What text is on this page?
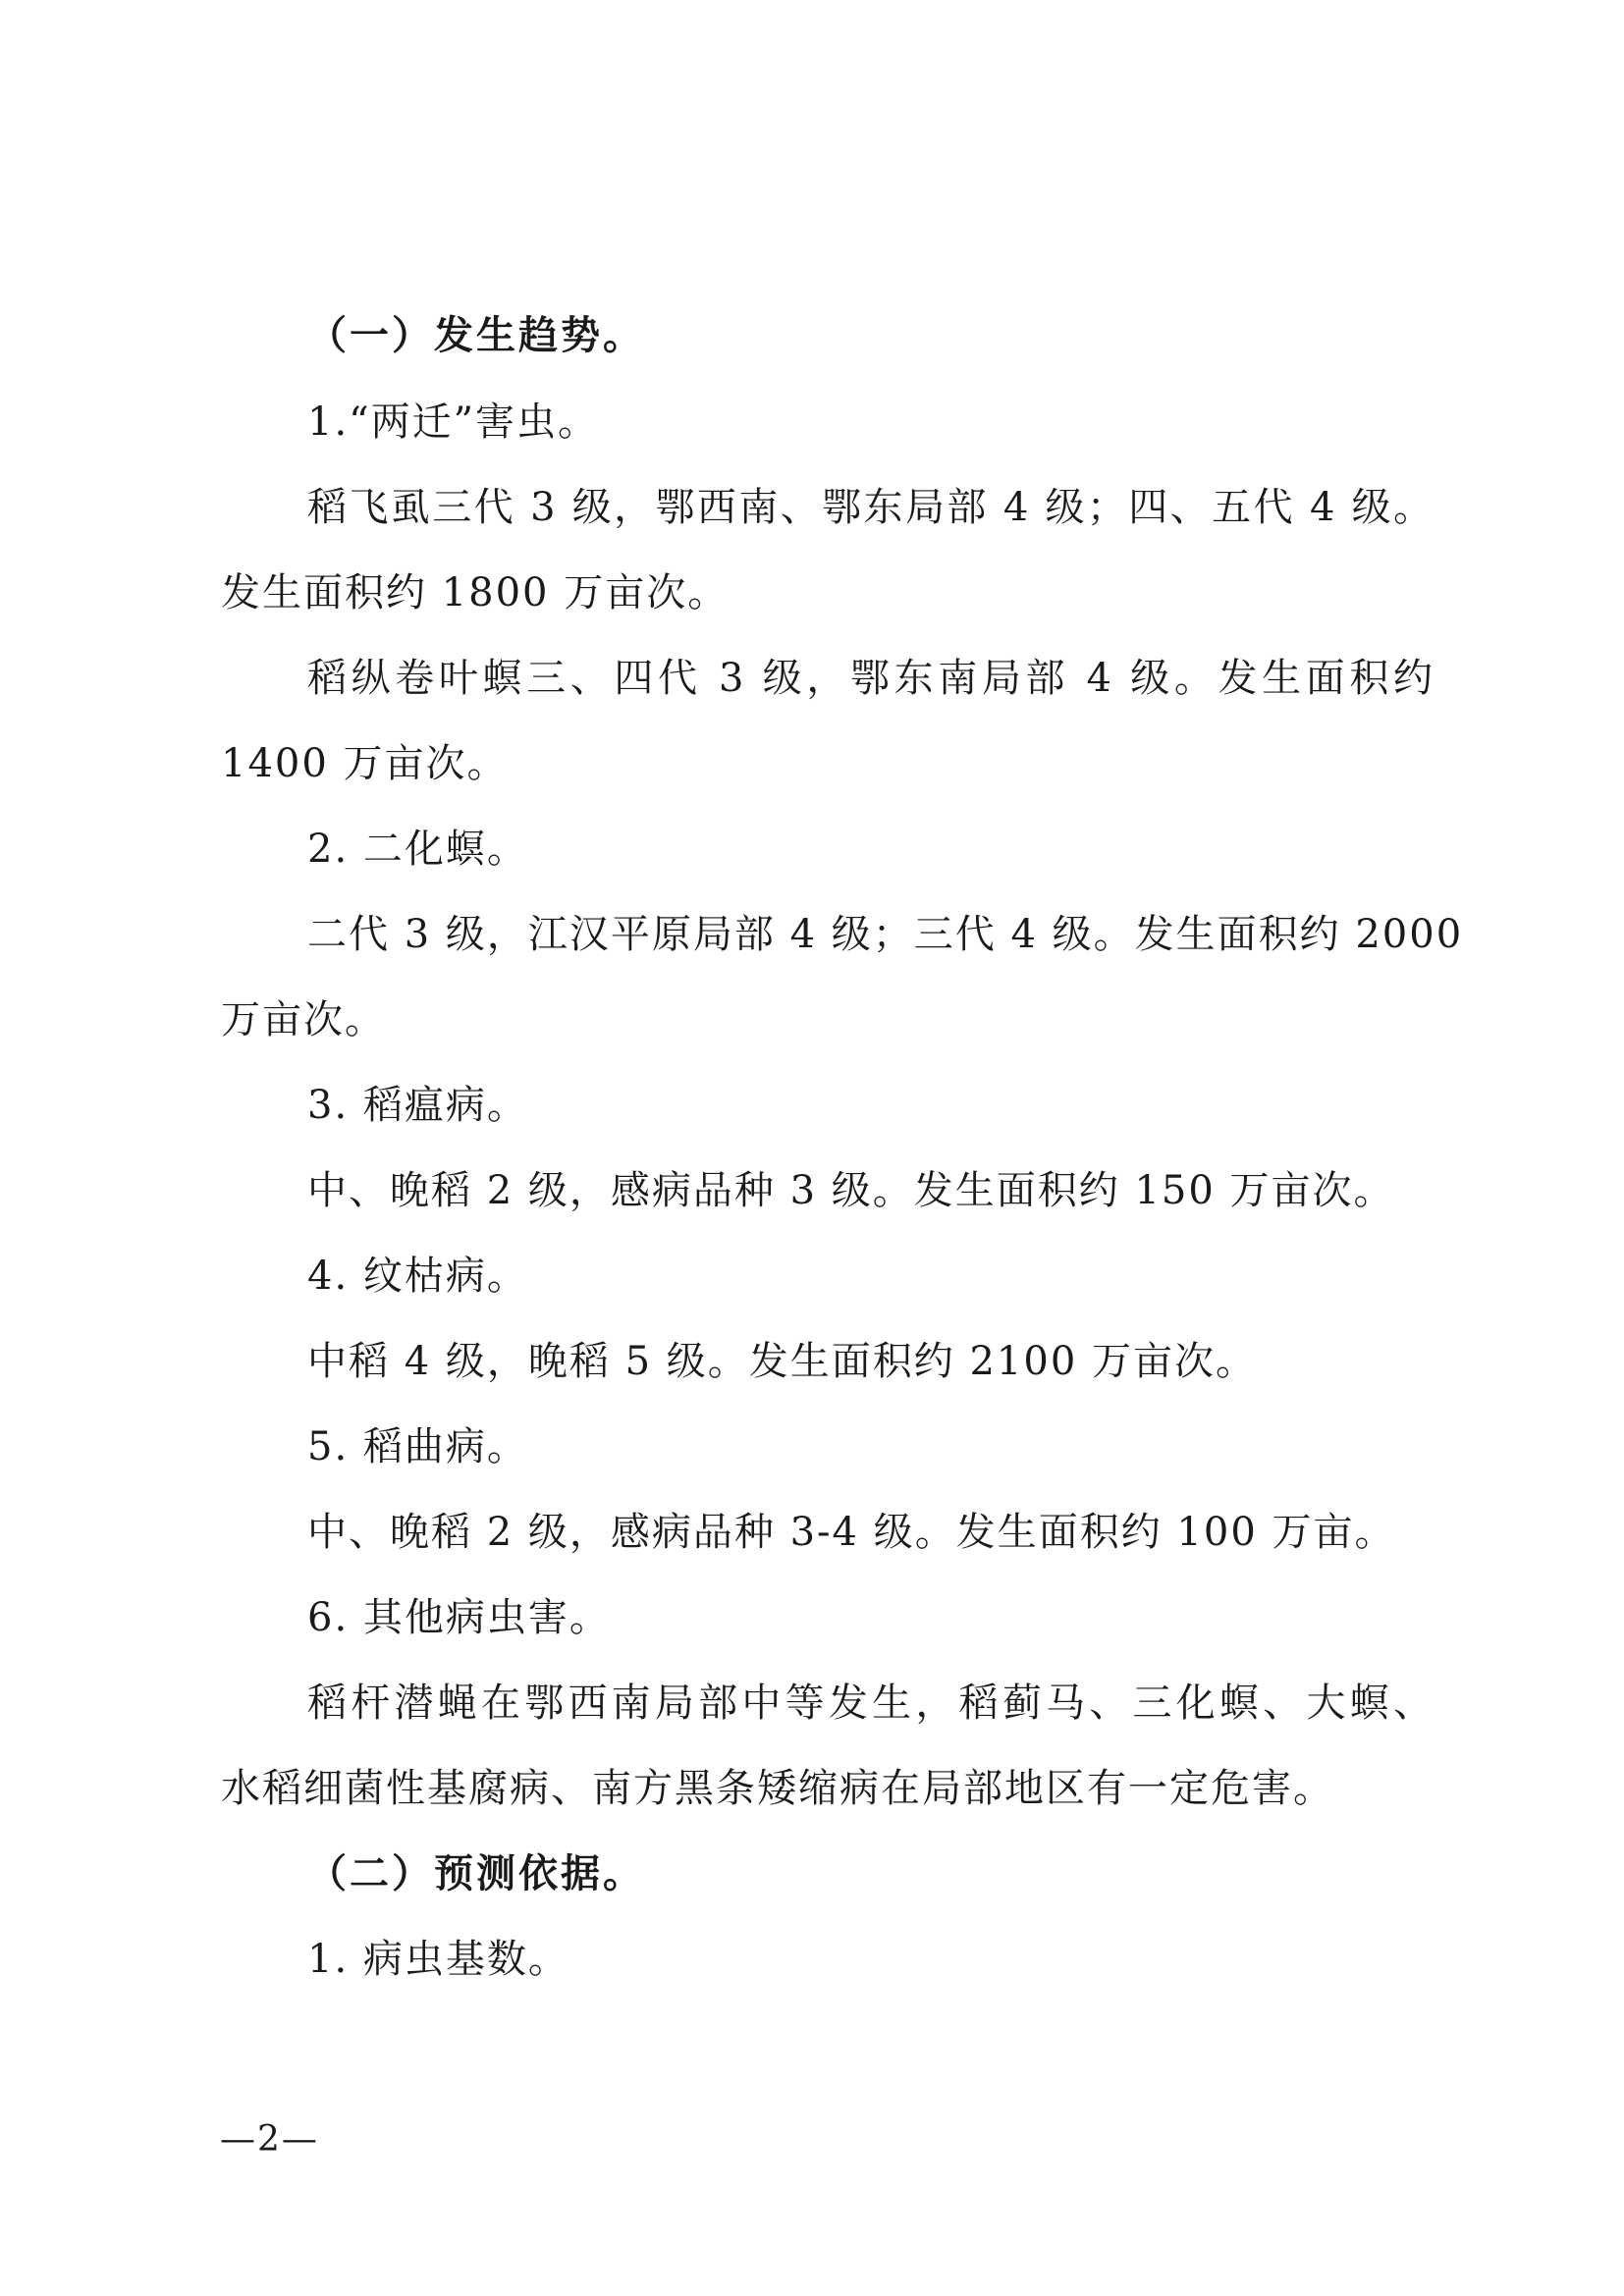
（一）发生趋势。
1.“两迁”害虫。
稻飞虱三代 3 级，鄂西南、鄂东局部 4 级；四、五代 4 级。
发生面积约 1800 万亩次。
稻纵卷叶螟三、四代 3 级，鄂东南局部 4 级。发生面积约
1400 万亩次。
2. 二化螟。
二代 3 级，江汉平原局部 4 级；三代 4 级。发生面积约 2000
万亩次。
3. 稻瘟病。
中、晚稻 2 级，感病品种 3 级。发生面积约 150 万亩次。
4. 纹枯病。
中稻 4 级，晚稻 5 级。发生面积约 2100 万亩次。
5. 稻曲病。
中、晚稻 2 级，感病品种 3-4 级。发生面积约 100 万亩。
6. 其他病虫害。
稻杆潜蝇在鄂西南局部中等发生，稻蓟马、三化螟、大螟、
水稻细菌性基腐病、南方黑条矮缩病在局部地区有一定危害。
（二）预测依据。
1. 病虫基数。
—2—
